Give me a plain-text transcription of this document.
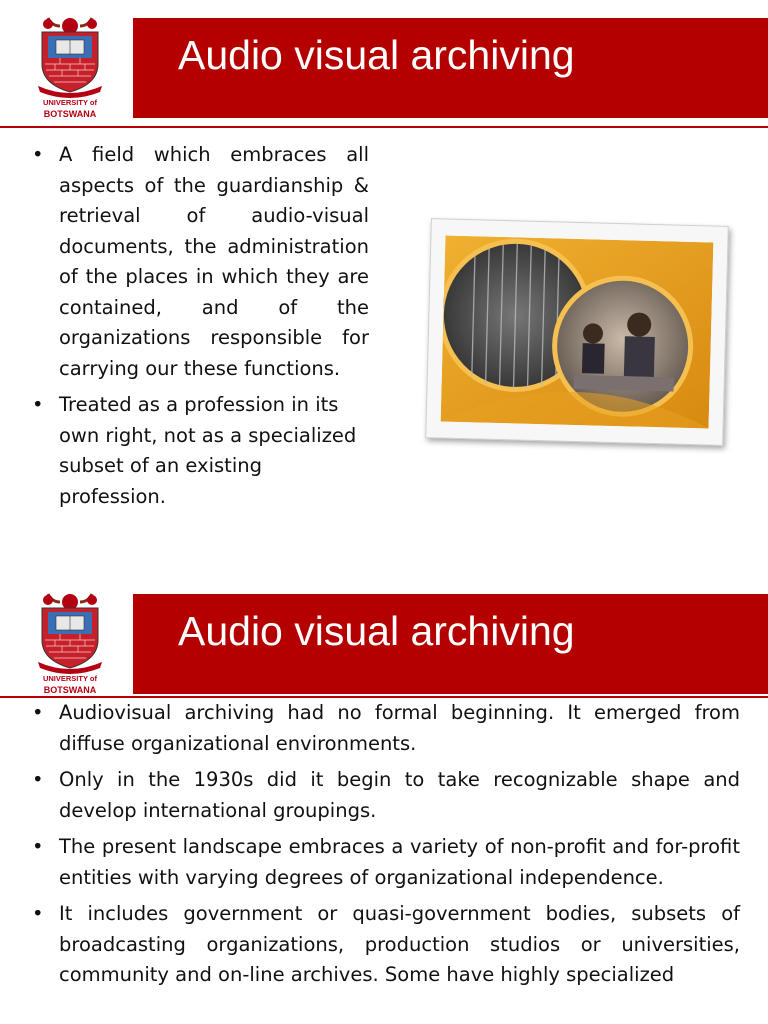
UNIVERSITY of
BOTSWANA
Audio visual archiving
• A field which embraces all aspects of the guardianship & retrieval of audio-visual documents, the administration of the places in which they are contained, and of the organizations responsible for carrying our these functions.
• Treated as a profession in its own right, not as a specialized subset of an existing profession.
UNIVERSITY of
BOTSWANA
Audio visual archiving
• Audiovisual archiving had no formal beginning. It emerged from diffuse organizational environments.
• Only in the 1930s did it begin to take recognizable shape and develop international groupings.
• The present landscape embraces a variety of non-profit and for-profit entities with varying degrees of organizational independence.
• It includes government or quasi-government bodies, subsets of broadcasting organizations, production studios or universities, community and on-line archives. Some have highly specialized
